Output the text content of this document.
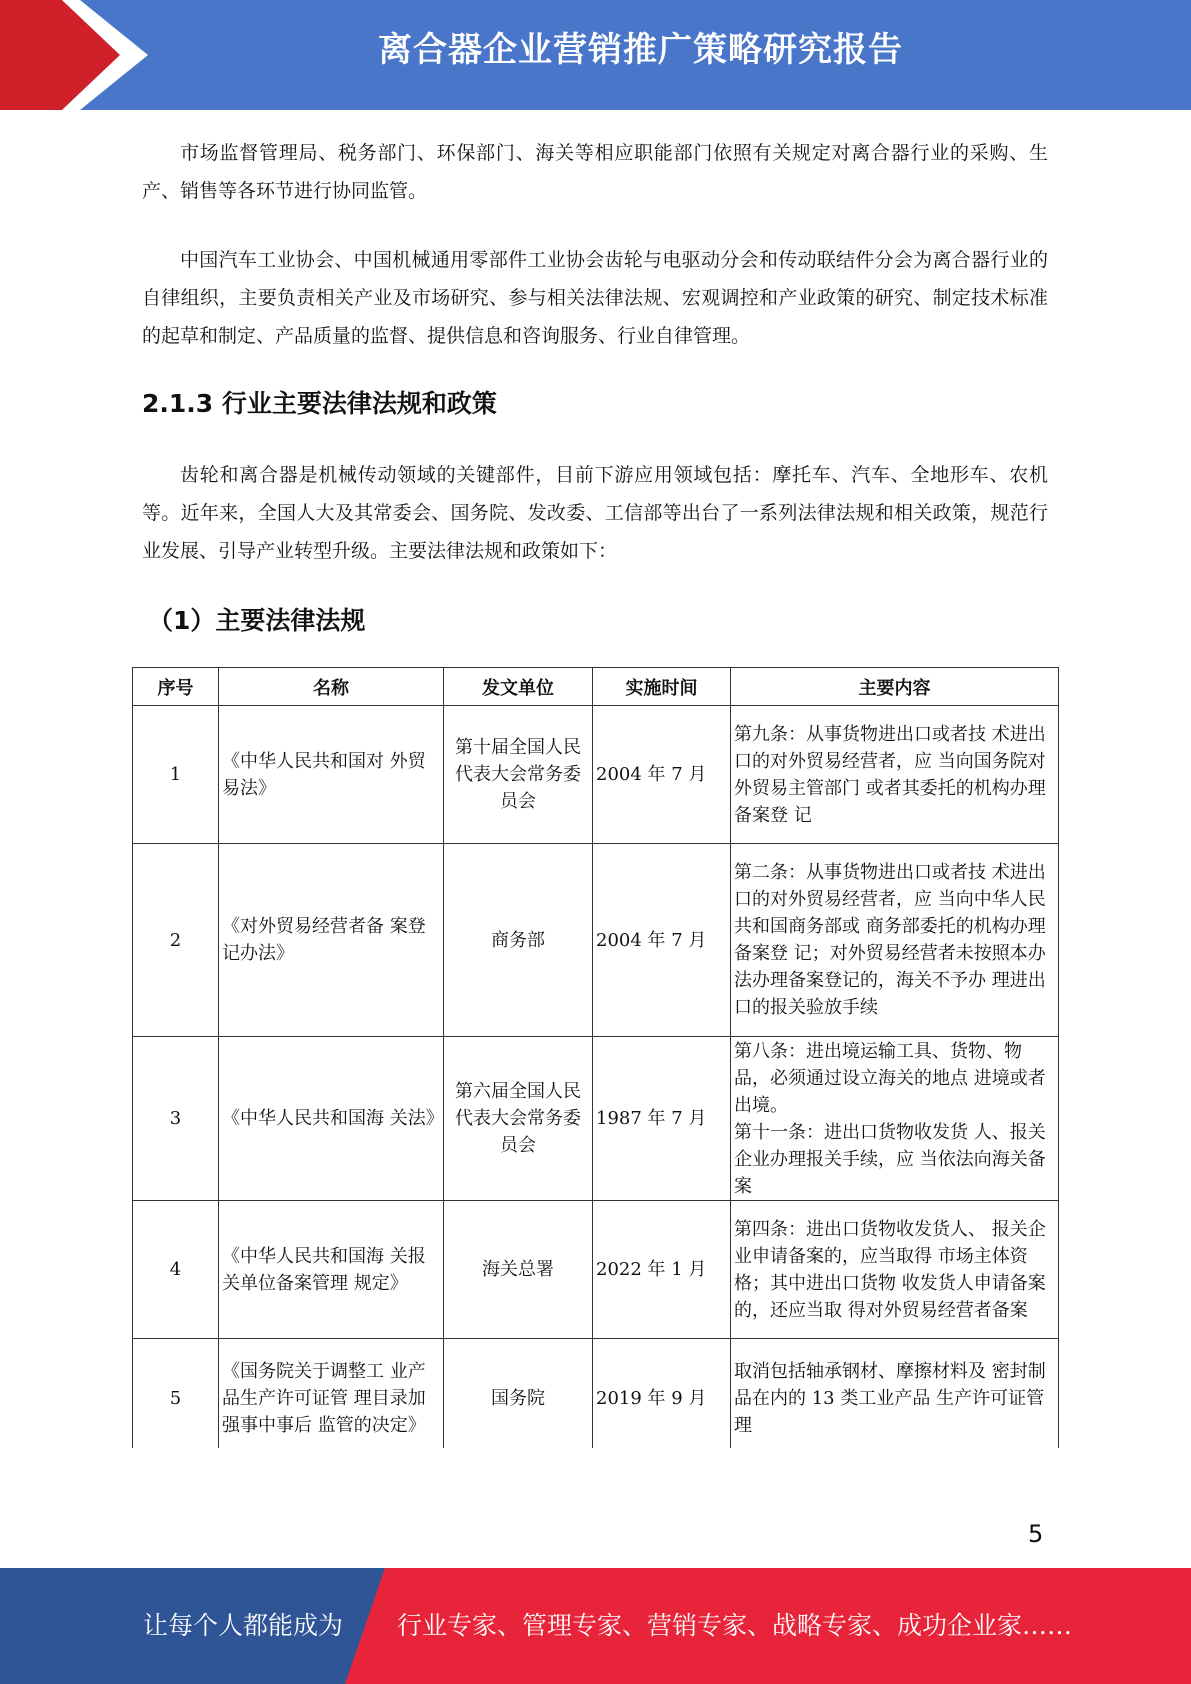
离合器企业营销推广策略研究报告

市场监督管理局、税务部门、环保部门、海关等相应职能部门依照有关规定对离合器行业的采购、生产、销售等各环节进行协同监管。

中国汽车工业协会、中国机械通用零部件工业协会齿轮与电驱动分会和传动联结件分会为离合器行业的自律组织，主要负责相关产业及市场研究、参与相关法律法规、宏观调控和产业政策的研究、制定技术标准的起草和制定、产品质量的监督、提供信息和咨询服务、行业自律管理。

2.1.3 行业主要法律法规和政策

齿轮和离合器是机械传动领域的关键部件，目前下游应用领域包括：摩托车、汽车、全地形车、农机等。近年来，全国人大及其常委会、国务院、发改委、工信部等出台了一系列法律法规和相关政策，规范行业发展、引导产业转型升级。主要法律法规和政策如下：

（1）主要法律法规
序号	名称	发文单位	实施时间	主要内容
1	《中华人民共和国对 外贸易法》	第十届全国人民代表大会常务委员会	2004 年 7 月	第九条：从事货物进出口或者技 术进出口的对外贸易经营者，应 当向国务院对外贸易主管部门 或者其委托的机构办理备案登 记
2	《对外贸易经营者备 案登记办法》	商务部	2004 年 7 月	第二条：从事货物进出口或者技 术进出口的对外贸易经营者，应 当向中华人民共和国商务部或 商务部委托的机构办理备案登 记；对外贸易经营者未按照本办 法办理备案登记的，海关不予办 理进出口的报关验放手续
3	《中华人民共和国海 关法》	第六届全国人民代表大会常务委员会	1987 年 7 月	第八条：进出境运输工具、货物、物品，必须通过设立海关的地点 进境或者出境。
第十一条：进出口货物收发货 人、报关企业办理报关手续，应 当依法向海关备案
4	《中华人民共和国海 关报关单位备案管理 规定》	海关总署	2022 年 1 月	第四条：进出口货物收发货人、 报关企业申请备案的，应当取得 市场主体资格；其中进出口货物 收发货人申请备案的，还应当取 得对外贸易经营者备案
5	《国务院关于调整工 业产品生产许可证管 理目录加强事中事后 监管的决定》	国务院	2019 年 9 月	取消包括轴承钢材、摩擦材料及 密封制品在内的 13 类工业产品 生产许可证管理
5
让每个人都能成为 行业专家、管理专家、营销专家、战略专家、成功企业家……
